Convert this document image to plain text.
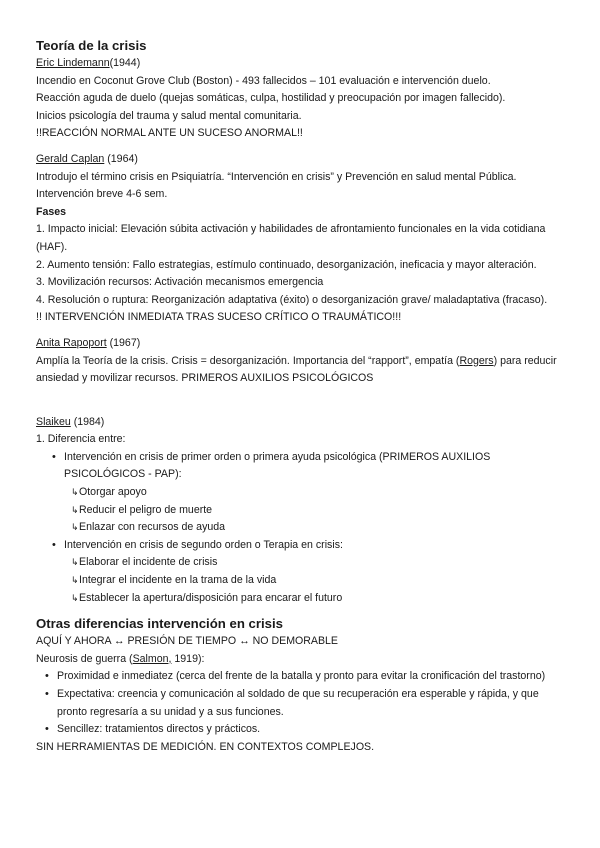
Teoría de la crisis

Eric Lindemann(1944)

Incendio en Coconut Grove Club (Boston) - 493 fallecidos – 101 evaluación e intervención duelo.

Reacción aguda de duelo (quejas somáticas, culpa, hostilidad y preocupación por imagen fallecido).

Inicios psicología del trauma y salud mental comunitaria.

!!REACCIÓN NORMAL ANTE UN SUCESO ANORMAL!!

Gerald Caplan (1964)

Introdujo el término crisis en Psiquiatría. “Intervención en crisis” y Prevención en salud mental Pública.

Intervención breve 4-6 sem.

Fases

1. Impacto inicial: Elevación súbita activación y habilidades de afrontamiento funcionales en la vida cotidiana (HAF).

2. Aumento tensión: Fallo estrategias, estímulo continuado, desorganización, ineficacia y mayor alteración.

3. Movilización recursos: Activación mecanismos emergencia

4. Resolución o ruptura: Reorganización adaptativa (éxito) o desorganización grave/ maladaptativa (fracaso).

!! INTERVENCIÓN INMEDIATA TRAS SUCESO CRÍTICO O TRAUMÁTICO!!!

Anita Rapoport (1967)

Amplía la Teoría de la crisis. Crisis = desorganización. Importancia del “rapport”, empatía (Rogers) para reducir ansiedad y movilizar recursos. PRIMEROS AUXILIOS PSICOLÓGICOS

Slaikeu (1984)

1. Diferencia entre:

• Intervención en crisis de primer orden o primera ayuda psicológica (PRIMEROS AUXILIOS PSICOLÓGICOS - PAP):
↳ Otorgar apoyo
↳ Reducir el peligro de muerte
↳ Enlazar con recursos de ayuda
• Intervención en crisis de segundo orden o Terapia en crisis:
↳ Elaborar el incidente de crisis
↳ Integrar el incidente en la trama de la vida
↳ Establecer la apertura/disposición para encarar el futuro
Otras diferencias intervención en crisis

AQUÍ Y AHORA ↔ PRESIÓN DE TIEMPO ↔ NO DEMORABLE

Neurosis de guerra (Salmon, 1919):

• Proximidad e inmediatez (cerca del frente de la batalla y pronto para evitar la cronificación del trastorno)
• Expectativa: creencia y comunicación al soldado de que su recuperación era esperable y rápida, y que pronto regresaría a su unidad y a sus funciones.
• Sencillez: tratamientos directos y prácticos.

SIN HERRAMIENTAS DE MEDICIÓN. EN CONTEXTOS COMPLEJOS.
